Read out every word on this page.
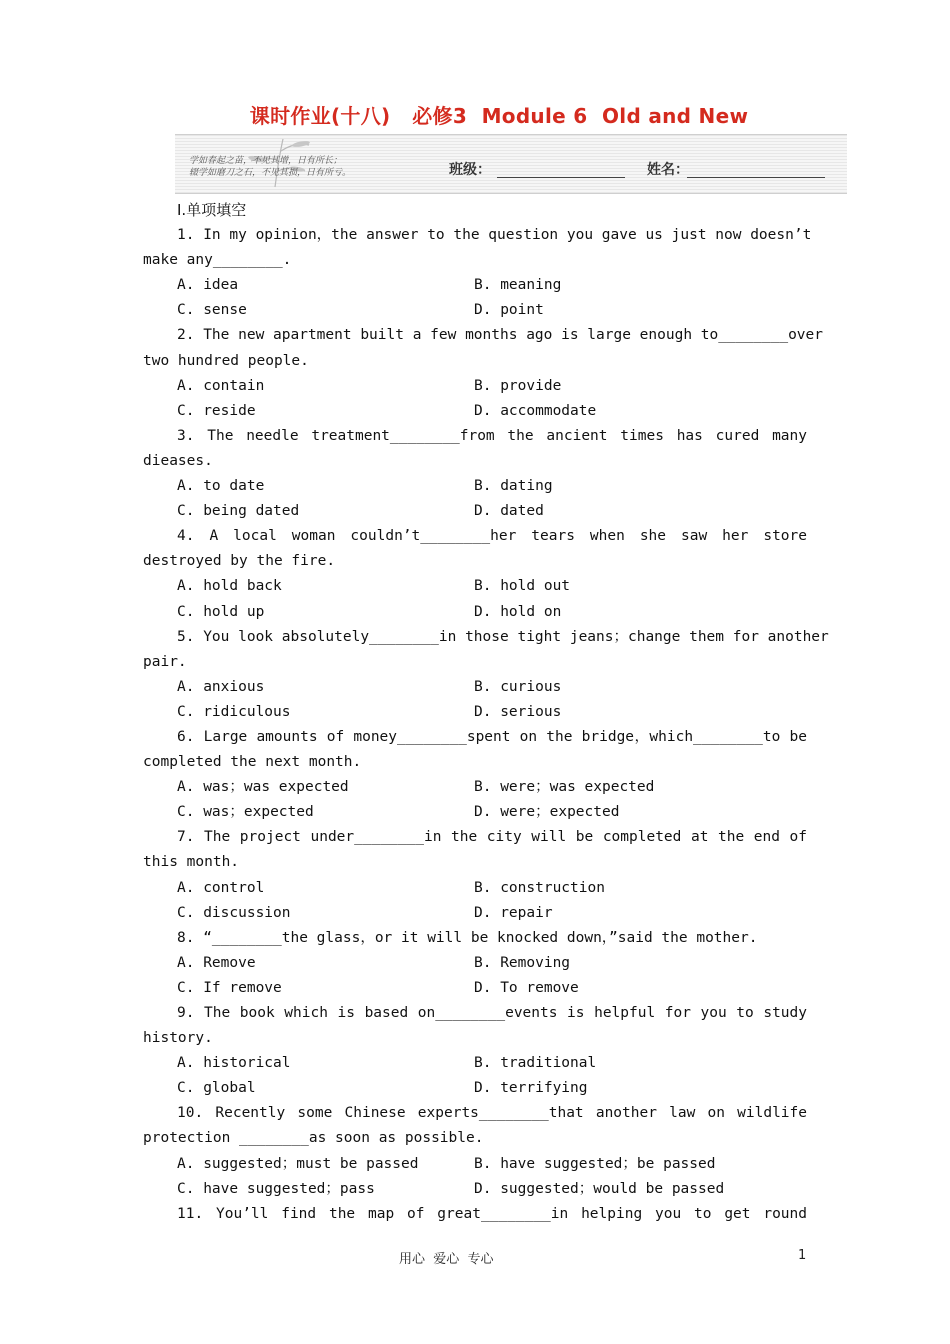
课时作业(十八)   必修3  Module 6  Old and New
学如春起之苗，不见其增，日有所长；
辍学如磨刀之石，不见其损，日有所亏。	班级：	姓名：
Ⅰ.单项填空
1. In my opinion，the answer to the question you gave us just now doesn’t
make any________.
A. idea	B. meaning
C. sense	D. point
2. The new apartment built a few months ago is large enough to________over
two hundred people.
A. contain	B. provide
C. reside	D. accommodate
3. The needle treatment________from the ancient times has cured many
dieases.
A. to date	B. dating
C. being dated	D. dated
4. A local woman couldn’t________her tears when she saw her store
destroyed by the fire.
A. hold back	B. hold out
C. hold up	D. hold on
5. You look absolutely________in those tight jeans；change them for another
pair.
A. anxious	B. curious
C. ridiculous	D. serious
6. Large amounts of money________spent on the bridge，which________to be
completed the next month.
A. was；was expected	B. were；was expected
C. was；expected	D. were；expected
7. The project under________in the city will be completed at the end of
this month.
A. control	B. construction
C. discussion	D. repair
8. “________the glass，or it will be knocked down，”said the mother.
A. Remove	B. Removing
C. If remove	D. To remove
9. The book which is based on________events is helpful for you to study
history.
A. historical	B. traditional
C. global	D. terrifying
10. Recently some Chinese experts________that another law on wildlife
protection ________as soon as possible.
A. suggested；must be passed	B. have suggested；be passed
C. have suggested；pass	D. suggested；would be passed
11. You’ll find the map of great________in helping you to get round
用心  爱心  专心	1
